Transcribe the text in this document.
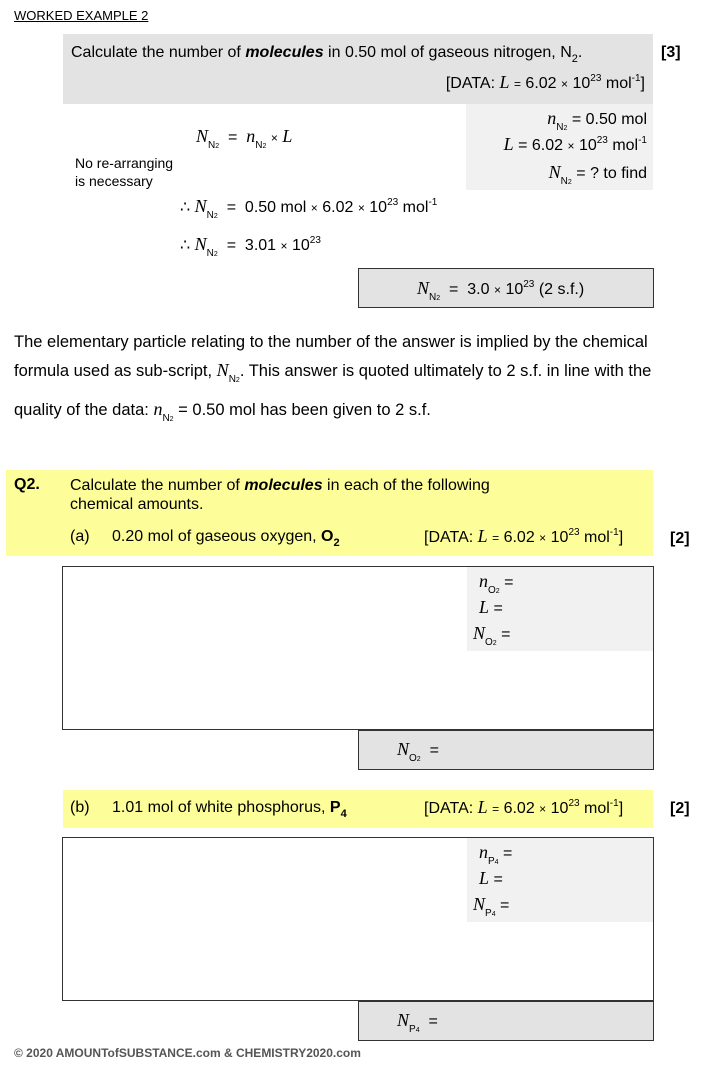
WORKED EXAMPLE 2
Calculate the number of molecules in 0.50 mol of gaseous nitrogen, $N_2$.
[DATA: $L = 6.02 \times 10^{23}$ mol$^{-1}$]
[3]
$n_{N2} = 0.50$ mol
$L = 6.02 \times 10^{23}$ mol$^{-1}$
$N_{N2}$ = ? to find
$N_{N2} = n_{N2} \times L$
No re-arranging
is necessary
∴ $N_{N2} = 0.50$ mol × $6.02 \times 10^{23}$ mol$^{-1}$
∴ $N_{N2} = 3.01 \times 10^{23}$
$N_{N2} = 3.0 \times 10^{23}$ (2 s.f.)
The elementary particle relating to the number of the answer is implied by the chemical
formula used as sub-script, $N_{N2}$. This answer is quoted ultimately to 2 s.f. in line with the
quality of the data: $n_{N2} = 0.50$ mol has been given to 2 s.f.
Q2. Calculate the number of molecules in each of the following
chemical amounts.
(a) 0.20 mol of gaseous oxygen, $O_2$	[DATA: $L = 6.02 \times 10^{23}$ mol$^{-1}$]	[2]
$n_{O2}$ =
L =
$N_{O2}$ =
$N_{O2}$  =
(b) 1.01 mol of white phosphorus, $P_4$	[DATA: $L = 6.02 \times 10^{23}$ mol$^{-1}$]	[2]
$n_{P4}$ =
L =
$N_{P4}$ =
$N_{P4}$  =
© 2020 AMOUNTofSUBSTANCE.com & CHEMISTRY2020.com
